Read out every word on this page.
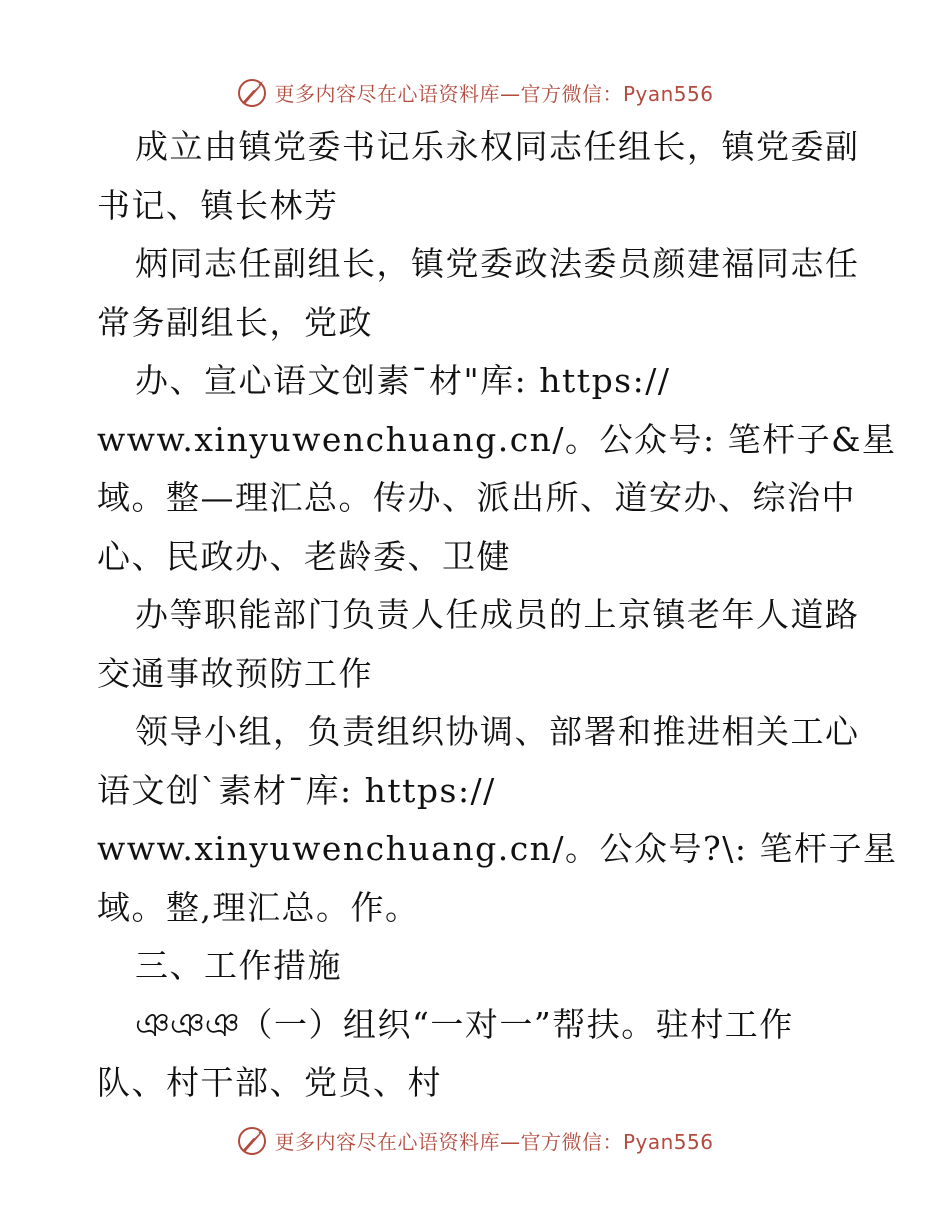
更多内容尽在心语资料库—官方微信：Pyan556
成立由镇党委书记乐永权同志任组长，镇党委副
书记、镇长林芳
炳同志任副组长，镇党委政法委员颜建福同志任
常务副组长，党政
办、宣心语文创素¯材"库: https://
www.xinyuwenchuang.cn/。公众号: 笔杆子&星
域。整—理汇总。传办、派出所、道安办、综治中
心、民政办、老龄委、卫健
办等职能部门负责人任成员的上京镇老年人道路
交通事故预防工作
领导小组，负责组织协调、部署和推进相关工心
语文创`素材¯库: https://
www.xinyuwenchuang.cn/。公众号?\: 笔杆子星
域。整,理汇总。作。
三、工作措施
ঞঞঞ（一）组织“一对一”帮扶。驻村工作
队、村干部、党员、村
更多内容尽在心语资料库—官方微信：Pyan556
